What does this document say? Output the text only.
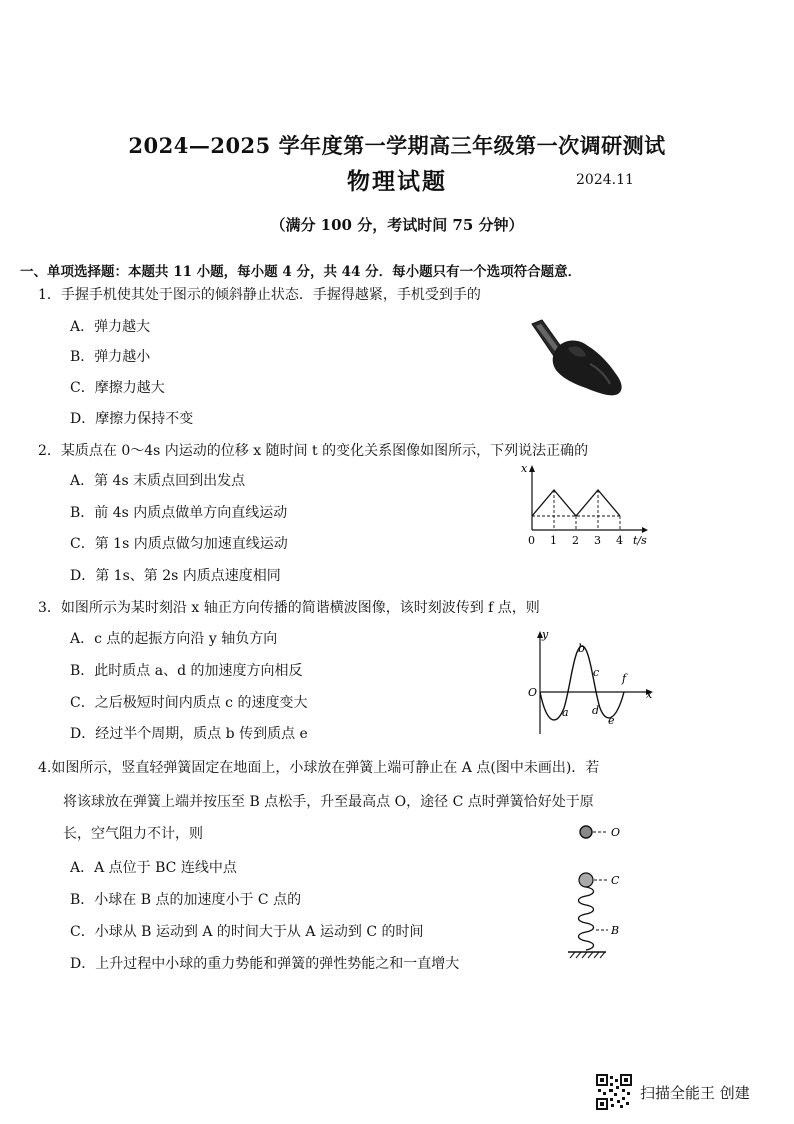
2024—2025 学年度第一学期高三年级第一次调研测试
物理试题	2024.11
（满分 100 分，考试时间 75 分钟）
一、单项选择题：本题共 11 小题，每小题 4 分，共 44 分．每小题只有一个选项符合题意．
1．手握手机使其处于图示的倾斜静止状态．手握得越紧，手机受到手的
A．弹力越大
B．弹力越小
C．摩擦力越大
D．摩擦力保持不变
2．某质点在 0～4s 内运动的位移 x 随时间 t 的变化关系图像如图所示，下列说法正确的
A．第 4s 末质点回到出发点
B．前 4s 内质点做单方向直线运动
C．第 1s 内质点做匀加速直线运动
D．第 1s、第 2s 内质点速度相同
x
t/s
0 1 2 3 4
3．如图所示为某时刻沿 x 轴正方向传播的简谐横波图像，该时刻波传到 f 点，则
A．c 点的起振方向沿 y 轴负方向
B．此时质点 a、d 的加速度方向相反
C．之后极短时间内质点 c 的速度变大
D．经过半个周期，质点 b 传到质点 e
y
x
O
a
b
c
d
e
f
4.如图所示，竖直轻弹簧固定在地面上，小球放在弹簧上端可静止在 A 点(图中未画出)．若
将该球放在弹簧上端并按压至 B 点松手，升至最高点 O，途径 C 点时弹簧恰好处于原
长，空气阻力不计，则
A．A 点位于 BC 连线中点
B．小球在 B 点的加速度小于 C 点的
C．小球从 B 运动到 A 的时间大于从 A 运动到 C 的时间
D．上升过程中小球的重力势能和弹簧的弹性势能之和一直增大
O
C
B
扫描全能王 创建
